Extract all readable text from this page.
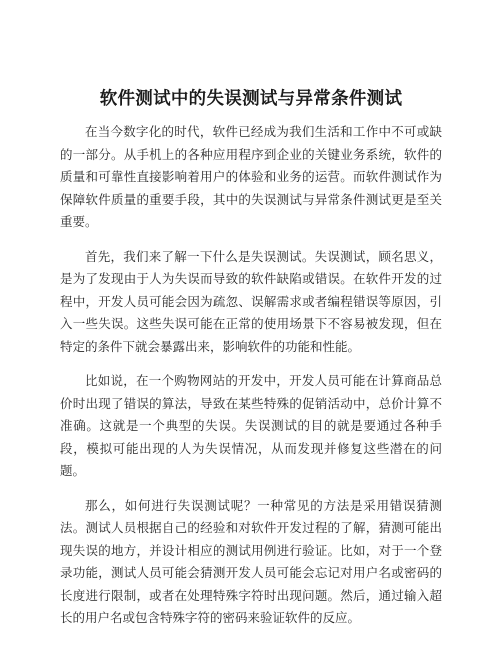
软件测试中的失误测试与异常条件测试

在当今数字化的时代，软件已经成为我们生活和工作中不可或缺的一部分。从手机上的各种应用程序到企业的关键业务系统，软件的质量和可靠性直接影响着用户的体验和业务的运营。而软件测试作为保障软件质量的重要手段，其中的失误测试与异常条件测试更是至关重要。

首先，我们来了解一下什么是失误测试。失误测试，顾名思义，是为了发现由于人为失误而导致的软件缺陷或错误。在软件开发的过程中，开发人员可能会因为疏忽、误解需求或者编程错误等原因，引入一些失误。这些失误可能在正常的使用场景下不容易被发现，但在特定的条件下就会暴露出来，影响软件的功能和性能。

比如说，在一个购物网站的开发中，开发人员可能在计算商品总价时出现了错误的算法，导致在某些特殊的促销活动中，总价计算不准确。这就是一个典型的失误。失误测试的目的就是要通过各种手段，模拟可能出现的人为失误情况，从而发现并修复这些潜在的问题。

那么，如何进行失误测试呢？一种常见的方法是采用错误猜测法。测试人员根据自己的经验和对软件开发过程的了解，猜测可能出现失误的地方，并设计相应的测试用例进行验证。比如，对于一个登录功能，测试人员可能会猜测开发人员可能会忘记对用户名或密码的长度进行限制，或者在处理特殊字符时出现问题。然后，通过输入超长的用户名或包含特殊字符的密码来验证软件的反应。
